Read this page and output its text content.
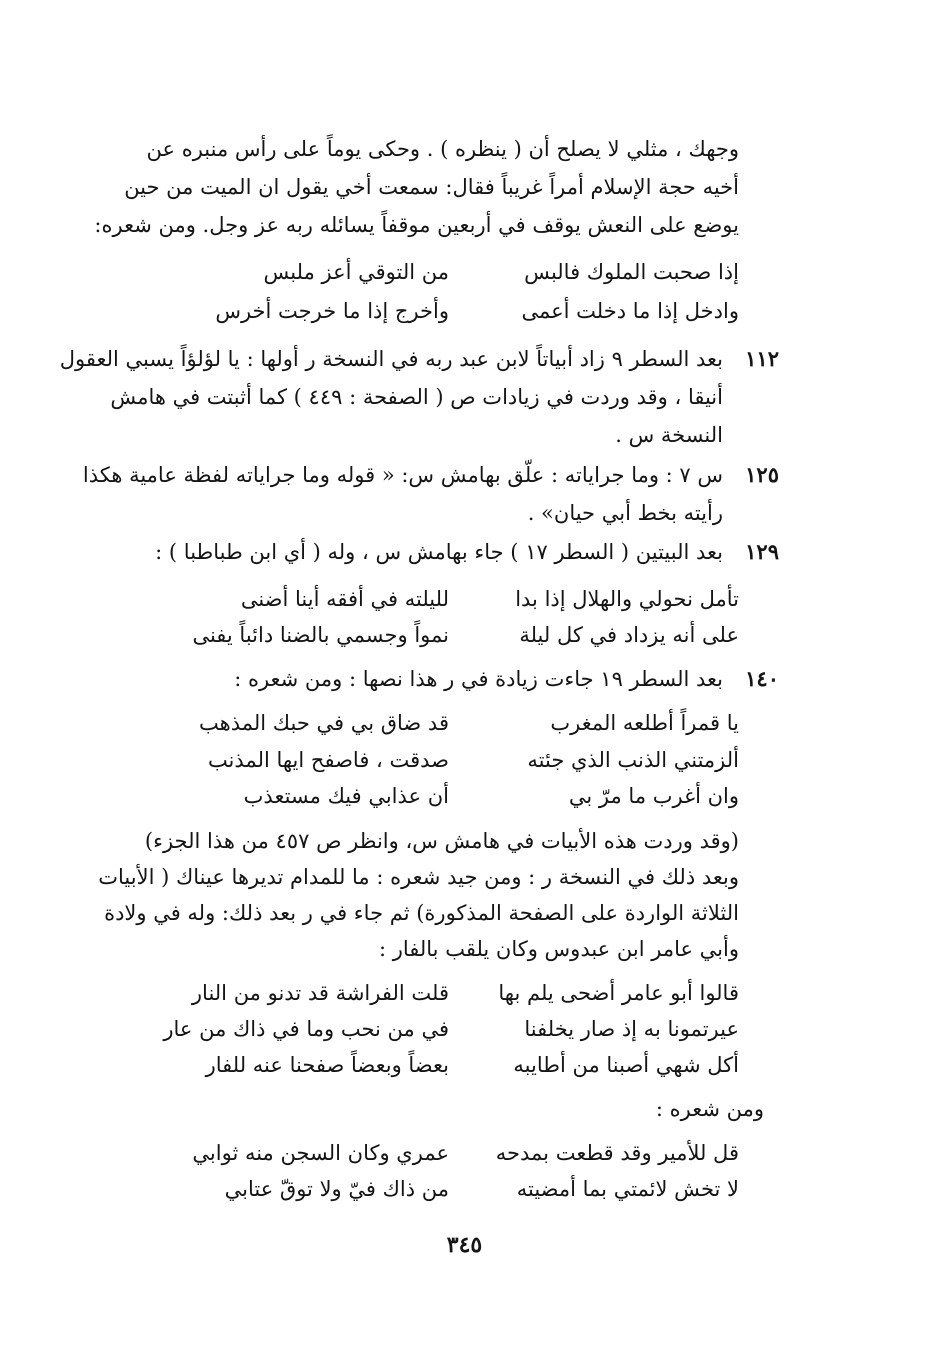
وجهك ، مثلي لا يصلح أن ( ينظره ) . وحكى يوماً على رأس منبره عن
أخيه حجة الإسلام أمراً غريباً فقال: سمعت أخي يقول ان الميت من حين
يوضع على النعش يوقف في أربعين موقفاً يسائله ربه عز وجل. ومن شعره:
إذا صحبت الملوك فالبس
من التوقي أعز ملبس
وادخل إذا ما دخلت أعمى
وأخرج إذا ما خرجت أخرس
١١٢
بعد السطر ٩ زاد أبياتاً لابن عبد ربه في النسخة ر أولها : يا لؤلؤاً يسبي العقول
أنيقا ، وقد وردت في زيادات ص ( الصفحة : ٤٤٩ ) كما أثبتت في هامش
النسخة س .
١٢٥
س ٧ : وما جراياته : علّق بهامش س: « قوله وما جراياته لفظة عامية هكذا
رأيته بخط أبي حيان» .
١٢٩
بعد البيتين ( السطر ١٧ ) جاء بهامش س ، وله ( أي ابن طباطبا ) :
تأمل نحولي والهلال إذا بدا
لليلته في أفقه أينا أضنى
على أنه يزداد في كل ليلة
نمواً وجسمي بالضنا دائباً يفنى
١٤٠
بعد السطر ١٩ جاءت زيادة في ر هذا نصها : ومن شعره :
يا قمراً أطلعه المغرب
قد ضاق بي في حبك المذهب
ألزمتني الذنب الذي جئته
صدقت ، فاصفح ايها المذنب
وان أغرب ما مرّ بي
أن عذابي فيك مستعذب
(وقد وردت هذه الأبيات في هامش س، وانظر ص ٤٥٧ من هذا الجزء)
وبعد ذلك في النسخة ر : ومن جيد شعره : ما للمدام تديرها عيناك ( الأبيات
الثلاثة الواردة على الصفحة المذكورة) ثم جاء في ر بعد ذلك: وله في ولادة
وأبي عامر ابن عبدوس وكان يلقب بالفار :
قالوا أبو عامر أضحى يلم بها
قلت الفراشة قد تدنو من النار
عيرتمونا به إذ صار يخلفنا
في من نحب وما في ذاك من عار
أكل شهي أصبنا من أطايبه
بعضاً وبعضاً صفحنا عنه للفار
ومن شعره :
قل للأمير وقد قطعت بمدحه
عمري وكان السجن منه ثوابي
لا تخش لائمتي بما أمضيته
من ذاك فيّ ولا توقّ عتابي
٣٤٥
